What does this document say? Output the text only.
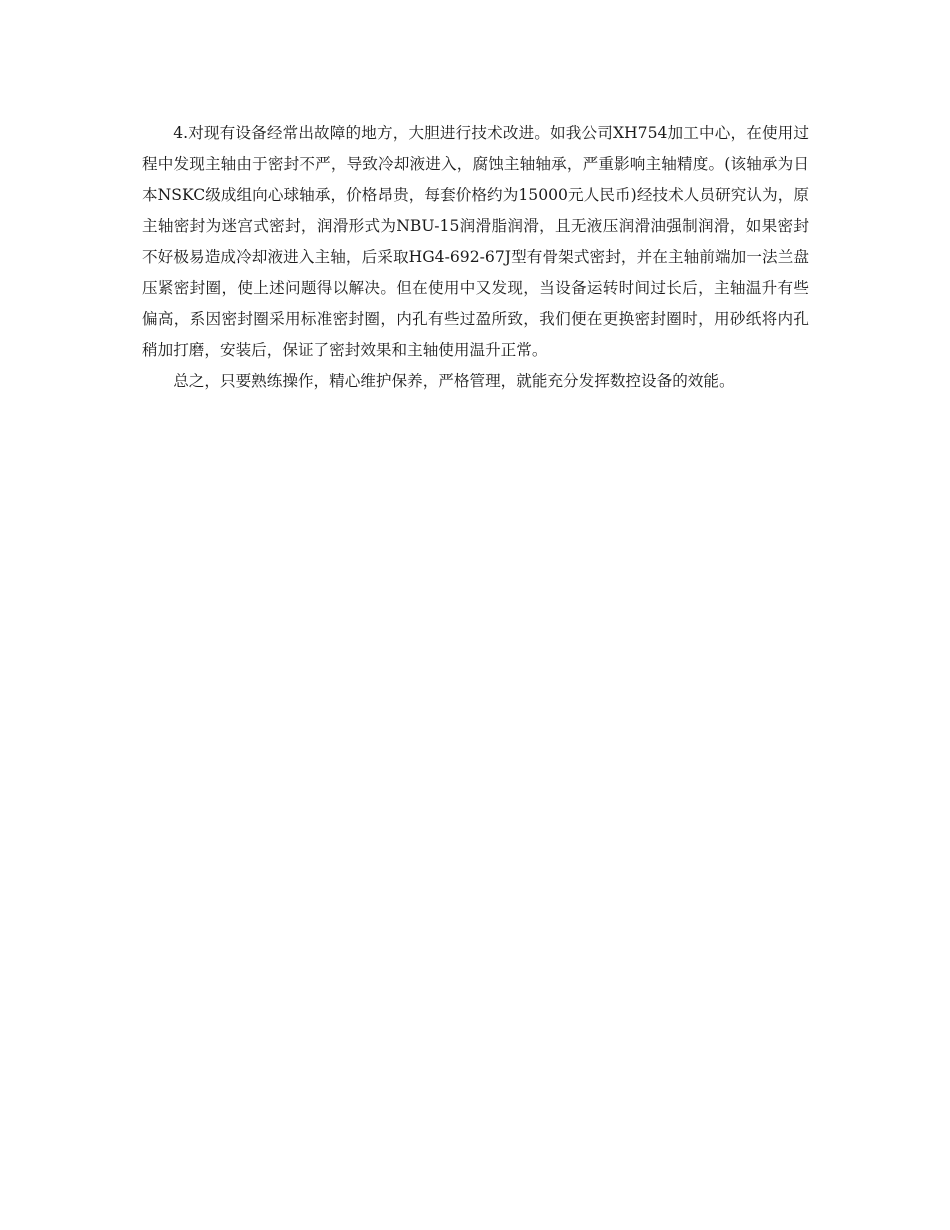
4.对现有设备经常出故障的地方，大胆进行技术改进。如我公司XH754加工中心，在使用过程中发现主轴由于密封不严，导致冷却液进入，腐蚀主轴轴承，严重影响主轴精度。(该轴承为日本NSKC级成组向心球轴承，价格昂贵，每套价格约为15000元人民币)经技术人员研究认为，原主轴密封为迷宫式密封，润滑形式为NBU-15润滑脂润滑，且无液压润滑油强制润滑，如果密封不好极易造成冷却液进入主轴，后采取HG4-692-67J型有骨架式密封，并在主轴前端加一法兰盘压紧密封圈，使上述问题得以解决。但在使用中又发现，当设备运转时间过长后，主轴温升有些偏高，系因密封圈采用标准密封圈，内孔有些过盈所致，我们便在更换密封圈时，用砂纸将内孔稍加打磨，安装后，保证了密封效果和主轴使用温升正常。

总之，只要熟练操作，精心维护保养，严格管理，就能充分发挥数控设备的效能。
